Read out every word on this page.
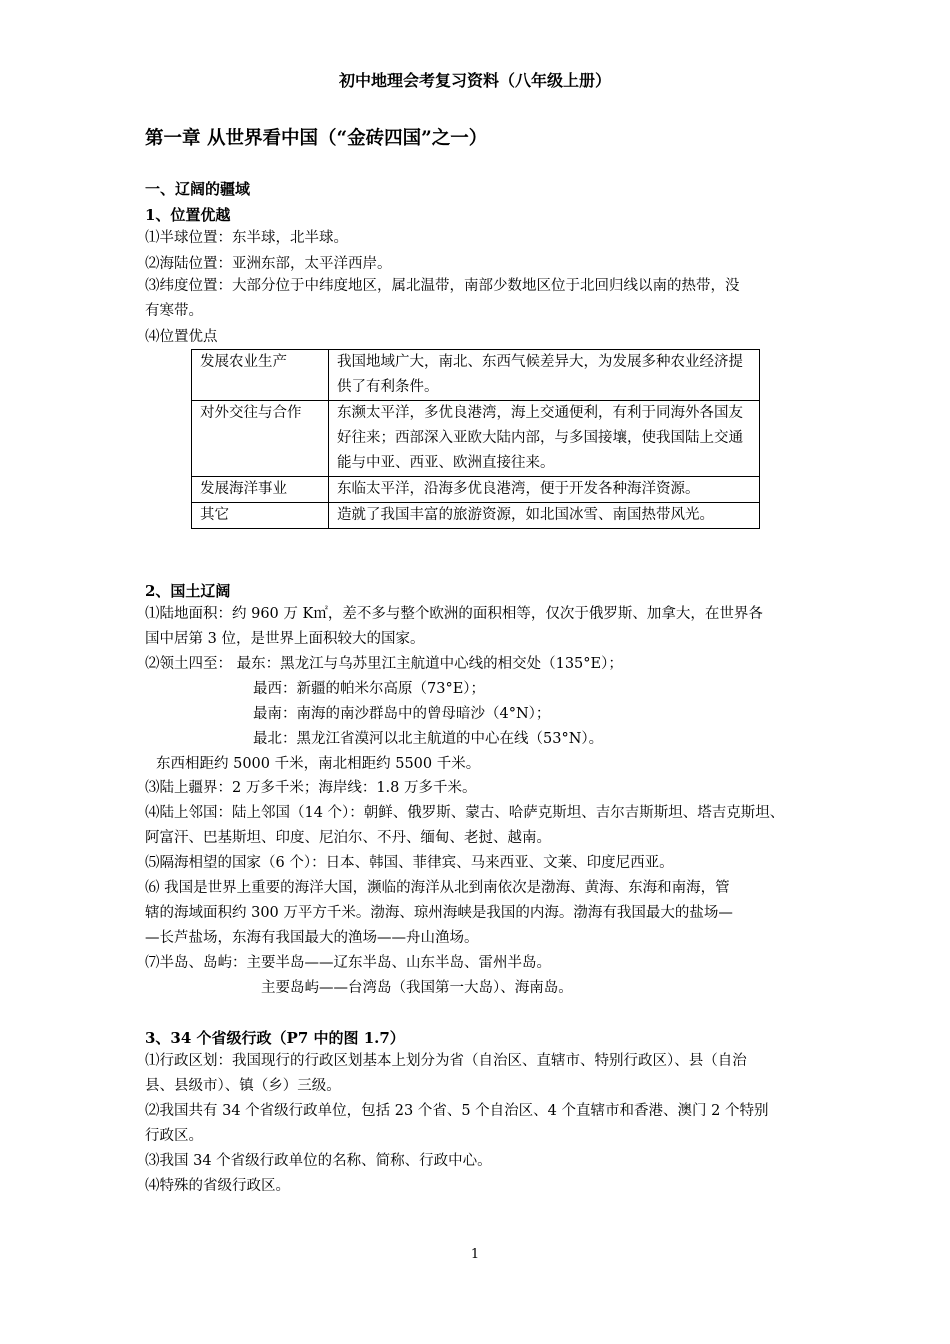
初中地理会考复习资料（八年级上册）
第一章 从世界看中国（“金砖四国”之一）
一、辽阔的疆域
1、位置优越
⑴半球位置：东半球，北半球。
⑵海陆位置：亚洲东部，太平洋西岸。
⑶纬度位置：大部分位于中纬度地区，属北温带，南部少数地区位于北回归线以南的热带，没
有寒带。
⑷位置优点
发展农业生产	我国地域广大，南北、东西气候差异大，为发展多种农业经济提供了有利条件。
对外交往与合作	东濒太平洋，多优良港湾，海上交通便利，有利于同海外各国友好往来；西部深入亚欧大陆内部，与多国接壤，使我国陆上交通能与中亚、西亚、欧洲直接往来。
发展海洋事业	东临太平洋，沿海多优良港湾，便于开发各种海洋资源。
其它	造就了我国丰富的旅游资源，如北国冰雪、南国热带风光。
2、国土辽阔
⑴陆地面积：约 960 万 K㎡，差不多与整个欧洲的面积相等，仅次于俄罗斯、加拿大，在世界各
国中居第 3 位，是世界上面积较大的国家。
⑵领土四至： 最东：黑龙江与乌苏里江主航道中心线的相交处（135°E）；
最西：新疆的帕米尔高原（73°E）；
最南：南海的南沙群岛中的曾母暗沙（4°N）；
最北：黑龙江省漠河以北主航道的中心在线（53°N）。
东西相距约 5000 千米，南北相距约 5500 千米。
⑶陆上疆界：2 万多千米；海岸线：1.8 万多千米。
⑷陆上邻国：陆上邻国（14 个）：朝鲜、俄罗斯、蒙古、哈萨克斯坦、吉尔吉斯斯坦、塔吉克斯坦、
阿富汗、巴基斯坦、印度、尼泊尔、不丹、缅甸、老挝、越南。
⑸隔海相望的国家（6 个）：日本、韩国、菲律宾、马来西亚、文莱、印度尼西亚。
⑹ 我国是世界上重要的海洋大国，濒临的海洋从北到南依次是渤海、黄海、东海和南海，管
辖的海域面积约 300 万平方千米。渤海、琼州海峡是我国的内海。渤海有我国最大的盐场—
—长芦盐场，东海有我国最大的渔场——舟山渔场。
⑺半岛、岛屿：主要半岛——辽东半岛、山东半岛、雷州半岛。
主要岛屿——台湾岛（我国第一大岛）、海南岛。
3、34 个省级行政（P7 中的图 1.7）
⑴行政区划：我国现行的行政区划基本上划分为省（自治区、直辖市、特别行政区）、县（自治
县、县级市）、镇（乡）三级。
⑵我国共有 34 个省级行政单位，包括 23 个省、5 个自治区、4 个直辖市和香港、澳门 2 个特别
行政区。
⑶我国 34 个省级行政单位的名称、简称、行政中心。
⑷特殊的省级行政区。
1
